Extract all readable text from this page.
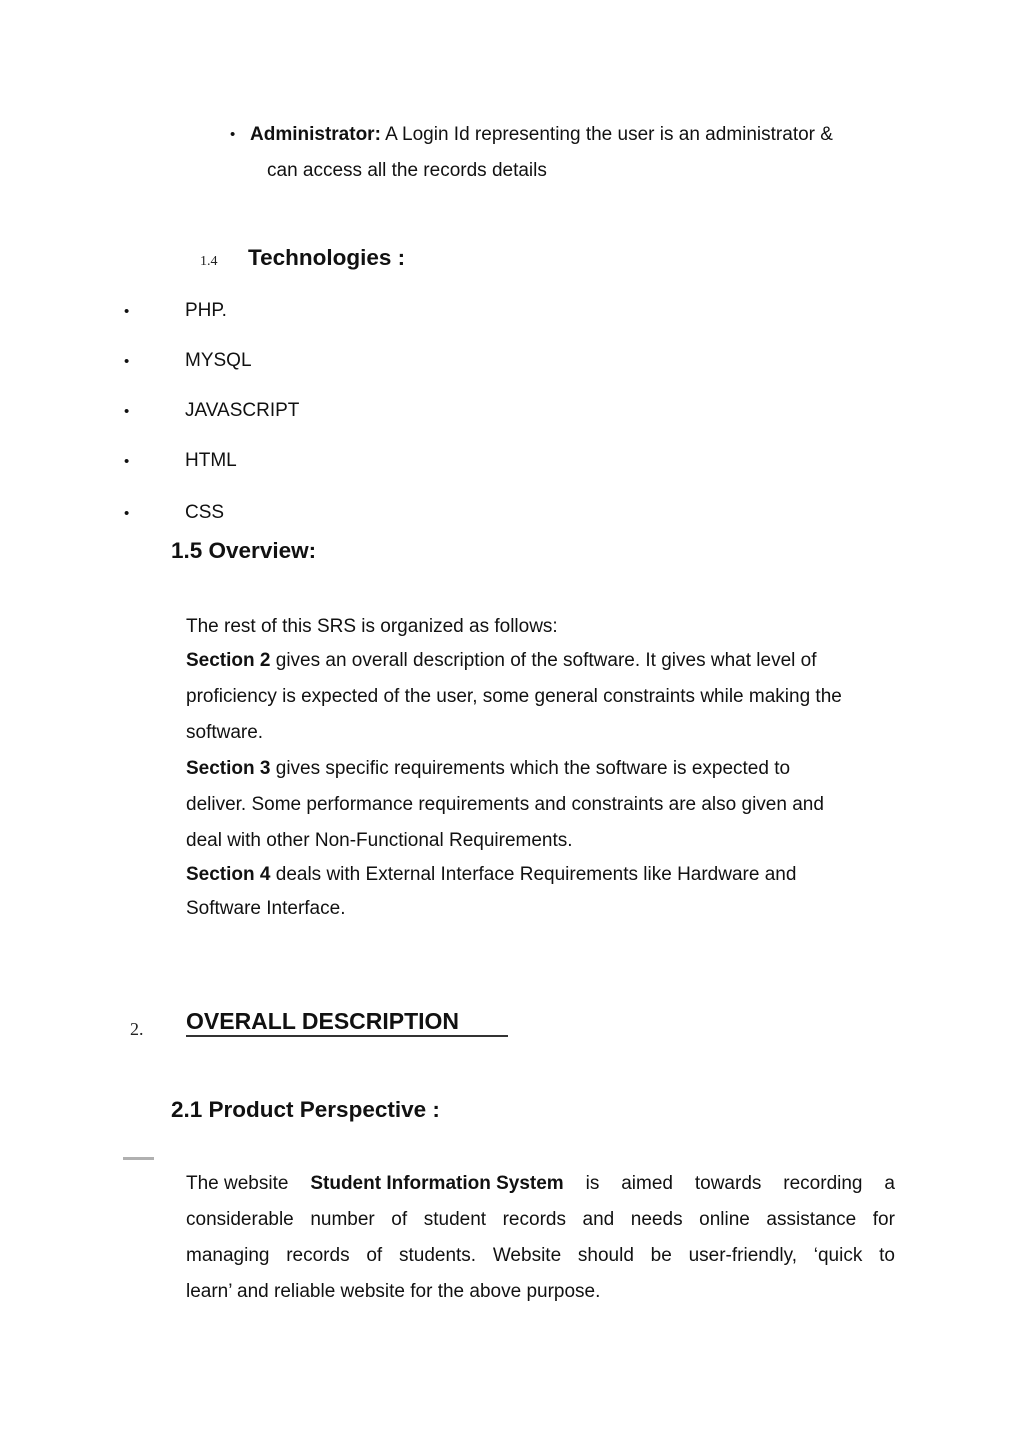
• Administrator: A Login Id representing the user is an administrator &
can access all the records details
1.4 Technologies :
•	PHP.
•	MYSQL
•	JAVASCRIPT
•	HTML
•	CSS
1.5 Overview:
The rest of this SRS is organized as follows:
Section 2 gives an overall description of the software. It gives what level of
proficiency is expected of the user, some general constraints while making the
software.
Section 3 gives specific requirements which the software is expected to
deliver. Some performance requirements and constraints are also given and
deal with other Non-Functional Requirements.
Section 4 deals with External Interface Requirements like Hardware and
Software Interface.
2. OVERALL DESCRIPTION
2.1 Product Perspective :
The website Student Information System is aimed towards recording a
considerable number of student records and needs online assistance for
managing records of students. Website should be user-friendly, ‘quick to
learn’ and reliable website for the above purpose.
